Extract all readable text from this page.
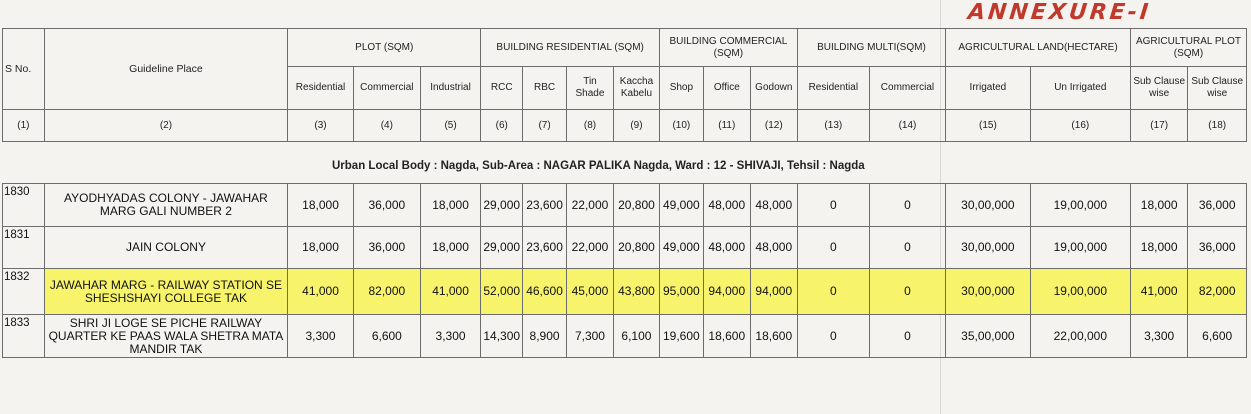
ANNEXURE-I
S No.	Guideline Place	PLOT (SQM)			BUILDING RESIDENTIAL (SQM)				BUILDING COMMERCIAL (SQM)			BUILDING MULTI(SQM)		AGRICULTURAL LAND(HECTARE)		AGRICULTURAL PLOT (SQM)	
		Residential	Commercial	Industrial	RCC	RBC	Tin Shade	Kaccha Kabelu	Shop	Office	Godown	Residential	Commercial	Irrigated	Un Irrigated	Sub Clause wise	Sub Clause wise
(1)	(2)	(3)	(4)	(5)	(6)	(7)	(8)	(9)	(10)	(11)	(12)	(13)	(14)	(15)	(16)	(17)	(18)
Urban Local Body : Nagda, Sub-Area : NAGAR PALIKA Nagda, Ward : 12 - SHIVAJI, Tehsil : Nagda
1830	AYODHYADAS COLONY - JAWAHAR MARG GALI NUMBER 2	18,000	36,000	18,000	29,000	23,600	22,000	20,800	49,000	48,000	48,000	0	0	30,00,000	19,00,000	18,000	36,000
1831	JAIN COLONY	18,000	36,000	18,000	29,000	23,600	22,000	20,800	49,000	48,000	48,000	0	0	30,00,000	19,00,000	18,000	36,000
1832	JAWAHAR MARG - RAILWAY STATION SE SHESHSHAYI COLLEGE TAK	41,000	82,000	41,000	52,000	46,600	45,000	43,800	95,000	94,000	94,000	0	0	30,00,000	19,00,000	41,000	82,000
1833	SHRI JI LOGE SE PICHE RAILWAY QUARTER KE PAAS WALA SHETRA MATA MANDIR TAK	3,300	6,600	3,300	14,300	8,900	7,300	6,100	19,600	18,600	18,600	0	0	35,00,000	22,00,000	3,300	6,600
